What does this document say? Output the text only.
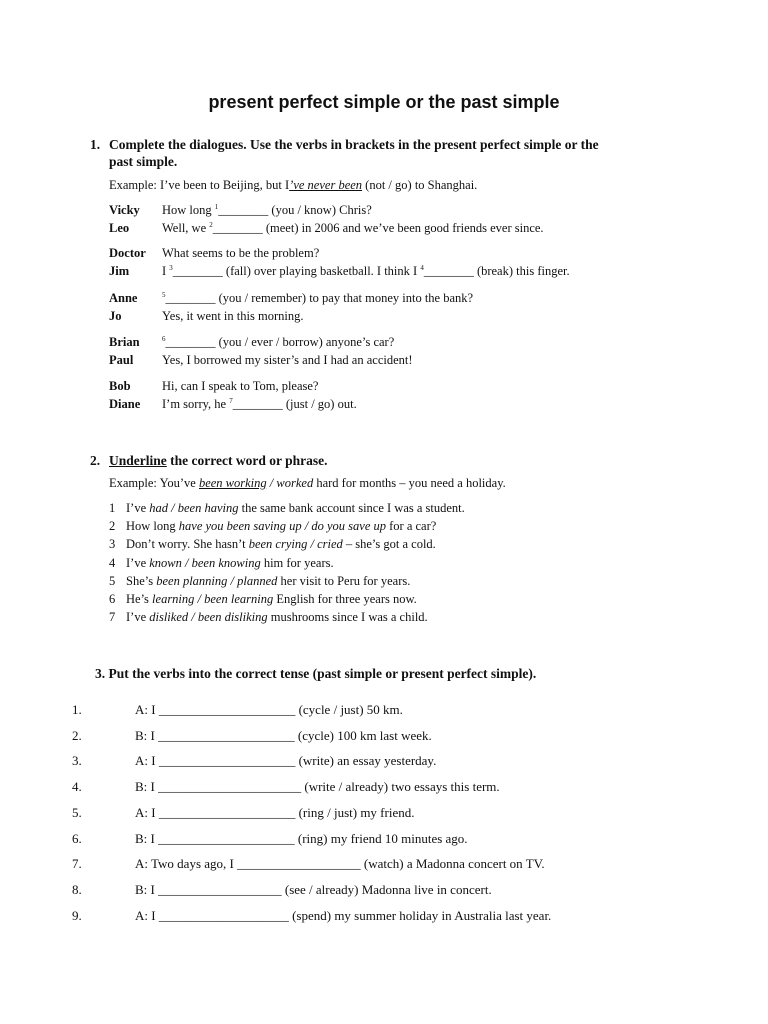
present perfect simple or the past simple
1. Complete the dialogues. Use the verbs in brackets in the present perfect simple or the
past simple.
Example: I’ve been to Beijing, but I’ve never been (not / go) to Shanghai.
Vicky How long $^1$________ (you / know) Chris?
Leo	Well, we $^2$________ (meet) in 2006 and we’ve been good friends ever since.
Doctor What seems to be the problem?
Jim	I $^3$________ (fall) over playing basketball. I think I $^4$________ (break) this finger.
Anne	$^5$________ (you / remember) to pay that money into the bank?
Jo	Yes, it went in this morning.
Brian	$^6$________ (you / ever / borrow) anyone’s car?
Paul Yes, I borrowed my sister’s and I had an accident!
Bob	Hi, can I speak to Tom, please?
Diane I’m sorry, he $^7$________ (just / go) out.
2. Underline the correct word or phrase.
Example: You’ve been working / worked hard for months – you need a holiday.
1 I’ve had / been having the same bank account since I was a student.
2 How long have you been saving up / do you save up for a car?
3 Don’t worry. She hasn’t been crying / cried – she’s got a cold.
4 I’ve known / been knowing him for years.
5 She’s been planning / planned her visit to Peru for years.
6 He’s learning / been learning English for three years now.
7 I’ve disliked / been disliking mushrooms since I was a child.
3. Put the verbs into the correct tense (past simple or present perfect simple).
1.	A: I _____________________ (cycle / just) 50 km.
2.	B: I _____________________ (cycle) 100 km last week.
3.	A: I _____________________ (write) an essay yesterday.
4.	B: I ______________________ (write / already) two essays this term.
5.	A: I _____________________ (ring / just) my friend.
6.	B: I _____________________ (ring) my friend 10 minutes ago.
7.	A: Two days ago, I ___________________ (watch) a Madonna concert on TV.
8.	B: I ___________________ (see / already) Madonna live in concert.
9.	A: I ____________________ (spend) my summer holiday in Australia last year.
